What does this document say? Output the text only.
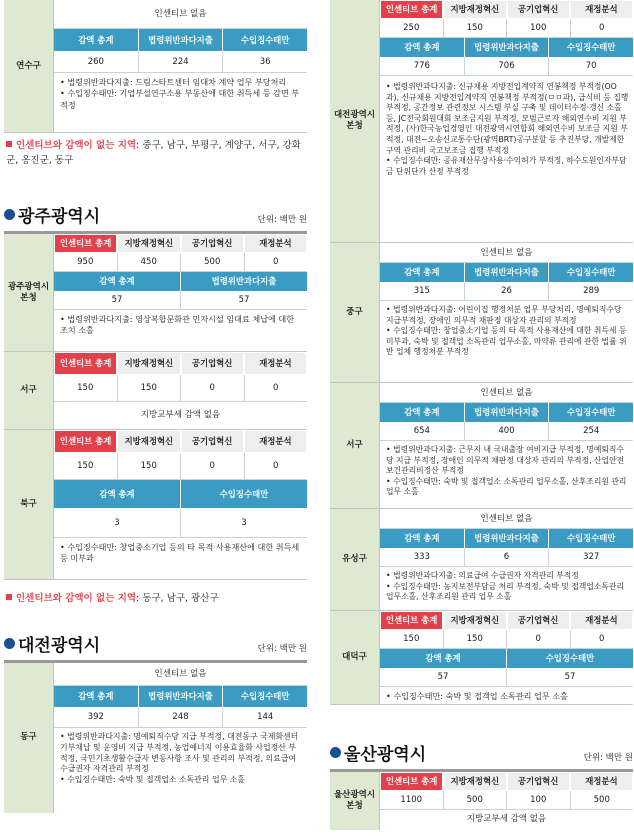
연수구
인센티브 없음
감액 총계	법령위반과다지출	수입징수태만
260	224	36

• 법령위반과다지출: 드림스타트센터 임대차 계약 업무 부당처리

• 수입징수태만: 기업부설연구소용 부동산에 대한 취득세 등 감면 부적정

인센티브와 감액이 없는 지역: 중구, 남구, 부평구, 계양구, 서구, 강화군, 옹진군, 동구
광주광역시	단위: 백만 원
광주광역시 본청
인센티브 총계	지방재정혁신	공기업혁신	재정분석
950	450	500	0
감액 총계	법령위반과다지출
57	57

• 법령위반과다지출: 영상복합문화관 민자시설 임대료 체납에 대한 조치 소홀

서구
인센티브 총계	지방재정혁신	공기업혁신	재정분석
150	150	0	0
지방교부세 감액 없음
북구
인센티브 총계	지방재정혁신	공기업혁신	재정분석
150	150	0	0
감액 총계	수입징수태만
3	3

• 수입징수태만: 창업중소기업 등의 타 목적 사용재산에 대한 취득세 등 미부과

인센티브와 감액이 없는 지역: 동구, 남구, 광산구
대전광역시	단위: 백만 원
동구
인센티브 없음
감액 총계	법령위반과다지출	수입징수태만
392	248	144

• 법령위반과다지출: 명예퇴직수당 지급 부적정, 대전동구 국제화센터 기부채납 및 운영비 지급 부적정, 농업예너지 이용효율화 사업정산 부적정, 국민기초생활수급자 변동사항 조사 및 관리의 부적정, 의료급여수급권자 자격관리 부적정

• 수입징수태만: 숙박 및 접객업소 소독관리 업무 소홀

대전광역시 본청
인센티브 총계	지방재정혁신	공기업혁신	재정분석
250	150	100	0
감액 총계	법령위반과다지출	수입징수태만
776	706	70

• 법령위반과다지출: 신규채용 지방전입계약직 연봉책정 부적정(OO과), 신규채용 지방전입계약직 연봉책정 부적정(ㅁㅁ과), 급식비 등 집행 부적정, 공간정보 관련정보 시스템 부실 구축 및 데이터수정·갱신 소홀 등, JC전국회원대회 보조금지원 부적정, 모범근로자 해외연수비 지원 부적정, (사)한국농업경영인 대전광역시연합회 해외연수비 보조금 지원 부적정, 대전~오송신교통수단(광역BRT)공구분할 등 추진부당, 개발제한구역 관리비 국고보조금 집행 부적정

• 수입징수태만: 공유재산무상사용·수익허가 부적정, 하수도원인자부담금 단위단가 산정 부적정

중구
인센티브 없음
감액 총계	법령위반과다지출	수입징수태만
315	26	289

• 법령위반과다지출: 어린이집 행정처분 업무 부당처리, 명예퇴직수당 지급부적정, 장애인 의무적 채판정 대상자 관리의 부적정

• 수입징수태만: 창업중소기업 등의 타 목적 사용재산에 대한 취득세 등 미부과, 숙박 및 접객업 소독관리 업무소홀, 마약류 관리에 관한 법률 위반 업체 행정처분 부적정

서구
인센티브 없음
감액 총계	법령위반과다지출	수입징수태만
654	400	254

• 법령위반과다지출: 근무지 내 국내출장 여비지급 부적정, 명예퇴직수당 지급 부적정, 장애인 의무적 채판정 대상자 관리의 부적정, 산업안전보건관리비정산 부적정

• 수입징수태만: 숙박 및 접객업소 소독관리 업무소홀, 산후조리원 관리 업무 소홀

유성구
인센티브 없음
감액 총계	법령위반과다지출	수입징수태만
333	6	327

• 법령위반과다지출: 의료급여 수급권자 자격관리 부적정

• 수입징수태만: 농지보전부담금 처리 부적정, 숙박 및 접객업소독관리 업무소홀, 산후조리원 관리 업무 소홀

대덕구
인센티브 총계	지방재정혁신	공기업혁신	재정분석
150	150	0	0
감액 총계	수입징수태만
57	57

• 수입징수태만: 숙박 및 접객업 소독관리 업무 소홀

울산광역시	단위: 백만 원
울산광역시 본청
인센티브 총계	지방재정혁신	공기업혁신	재정분석
1100	500	100	500
지방교부세 감액 없음
